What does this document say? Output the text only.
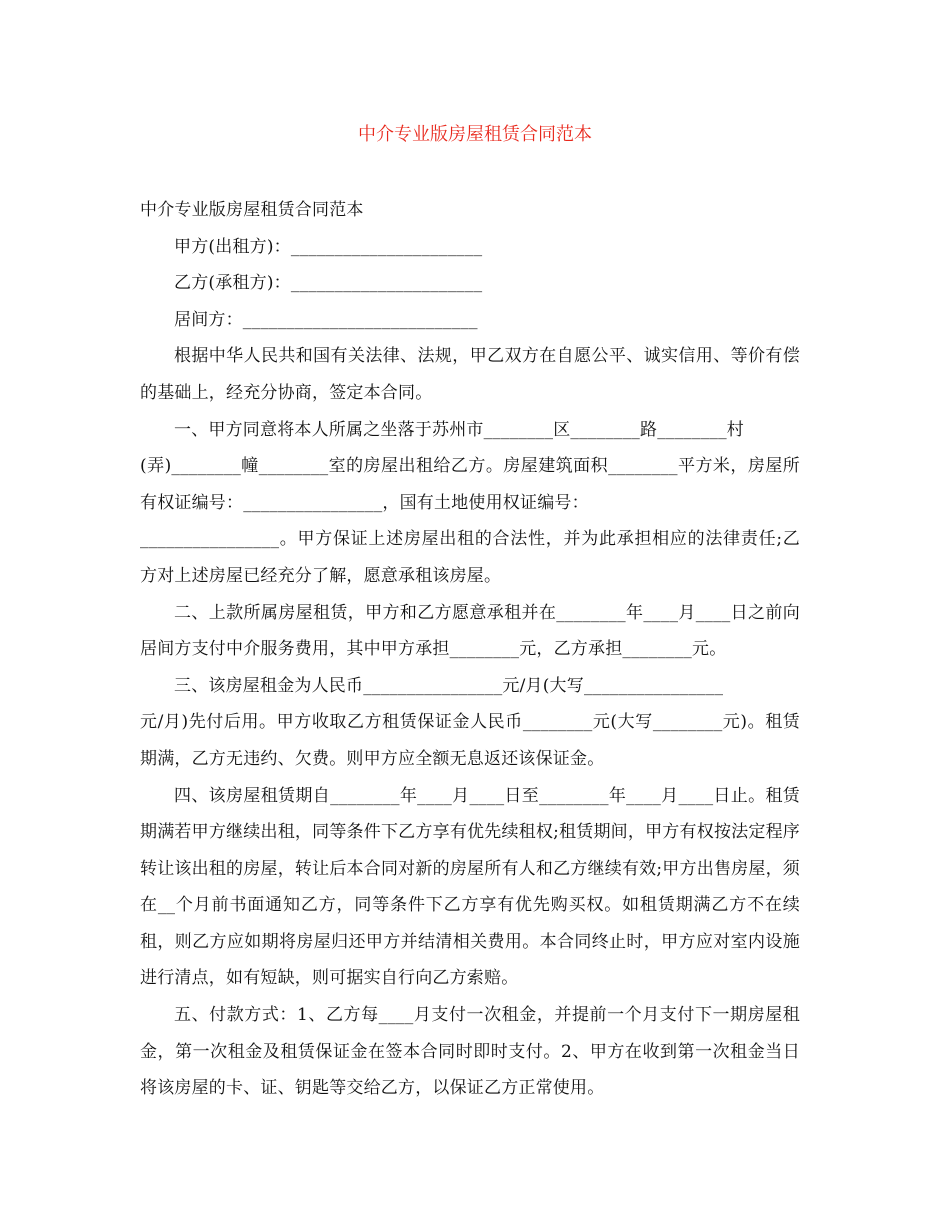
中介专业版房屋租赁合同范本

中介专业版房屋租赁合同范本

甲方(出租方)：______________________

乙方(承租方)：______________________

居间方：___________________________

根据中华人民共和国有关法律、法规，甲乙双方在自愿公平、诚实信用、等价有偿的基础上，经充分协商，签定本合同。

一、甲方同意将本人所属之坐落于苏州市________区________路________村
(弄)________幢________室的房屋出租给乙方。房屋建筑面积________平方米，房屋所有权证编号：________________，国有土地使用权证编号：
________________。甲方保证上述房屋出租的合法性，并为此承担相应的法律责任;乙方对上述房屋已经充分了解，愿意承租该房屋。

二、上款所属房屋租赁，甲方和乙方愿意承租并在________年____月____日之前向居间方支付中介服务费用，其中甲方承担________元，乙方承担________元。

三、该房屋租金为人民币________________元/月(大写________________
元/月)先付后用。甲方收取乙方租赁保证金人民币________元(大写________元)。租赁期满，乙方无违约、欠费。则甲方应全额无息返还该保证金。

四、该房屋租赁期自________年____月____日至________年____月____日止。租赁期满若甲方继续出租，同等条件下乙方享有优先续租权;租赁期间，甲方有权按法定程序转让该出租的房屋，转让后本合同对新的房屋所有人和乙方继续有效;甲方出售房屋，须在__个月前书面通知乙方，同等条件下乙方享有优先购买权。如租赁期满乙方不在续租，则乙方应如期将房屋归还甲方并结清相关费用。本合同终止时，甲方应对室内设施进行清点，如有短缺，则可据实自行向乙方索赔。

五、付款方式：1、乙方每____月支付一次租金，并提前一个月支付下一期房屋租金，第一次租金及租赁保证金在签本合同时即时支付。2、甲方在收到第一次租金当日将该房屋的卡、证、钥匙等交给乙方，以保证乙方正常使用。
